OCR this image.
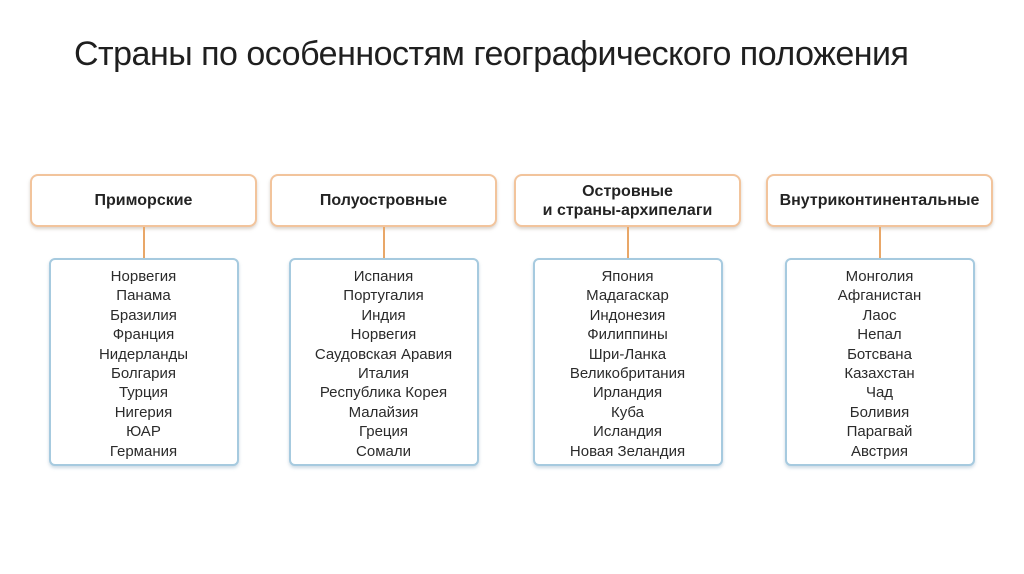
Страны по особенностям географического положения
Приморские
Норвегия
Панама
Бразилия
Франция
Нидерланды
Болгария
Турция
Нигерия
ЮАР
Германия
Полуостровные
Испания
Португалия
Индия
Норвегия
Саудовская Аравия
Италия
Республика Корея
Малайзия
Греция
Сомали
Островные
и страны-архипелаги
Япония
Мадагаскар
Индонезия
Филиппины
Шри-Ланка
Великобритания
Ирландия
Куба
Исландия
Новая Зеландия
Внутриконтинентальные
Монголия
Афганистан
Лаос
Непал
Ботсвана
Казахстан
Чад
Боливия
Парагвай
Австрия
